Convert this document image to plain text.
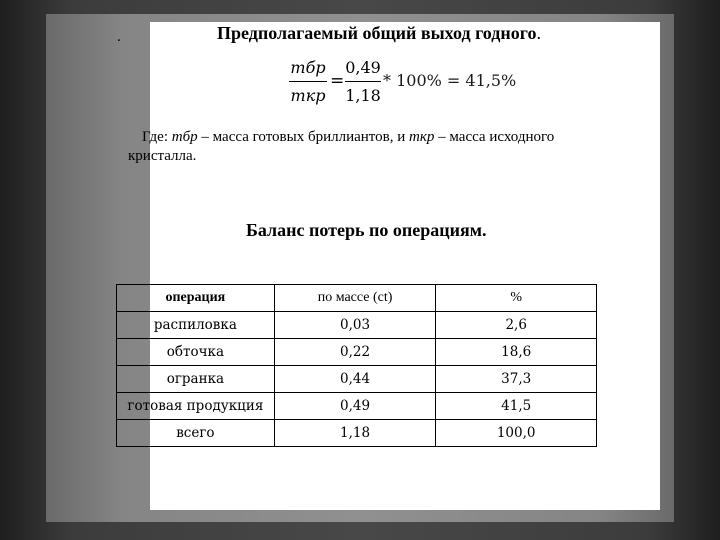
.	Предполагаемый общий выход годного.
тбр
ткр
=
0,49
1,18
* 100% = 41,5%
Где: тбр – масса готовых бриллиантов, и ткр – масса исходного кристалла.
Баланс потерь по операциям.
операция	по массе (ct)	%
распиловка	0,03	2,6
обточка	0,22	18,6
огранка	0,44	37,3
готовая продукция	0,49	41,5
всего	1,18	100,0
